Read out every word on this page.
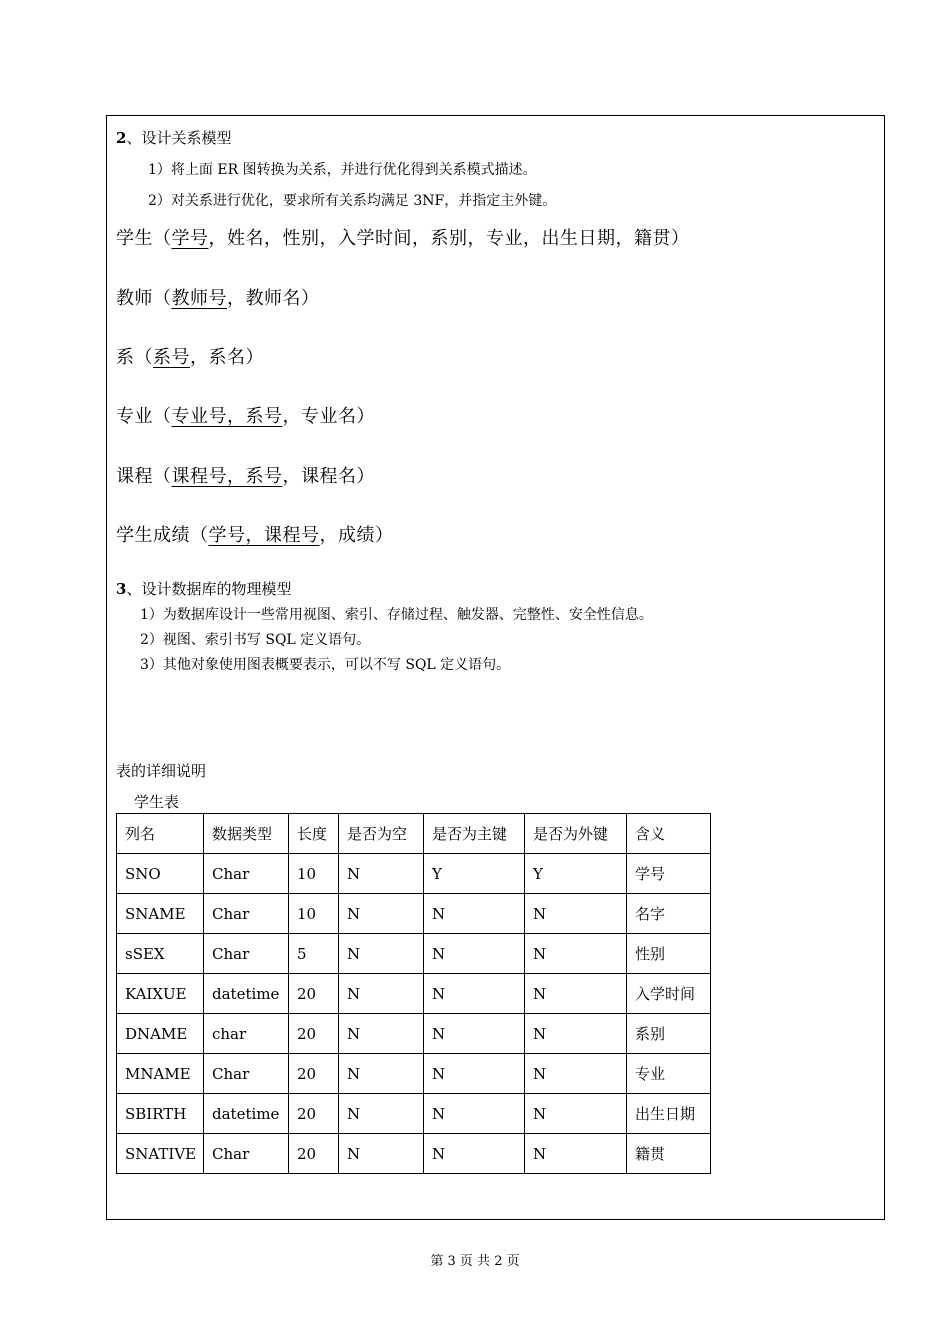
2、设计关系模型
1）将上面 ER 图转换为关系，并进行优化得到关系模式描述。
2）对关系进行优化，要求所有关系均满足 3NF，并指定主外键。
学生（学号，姓名，性别，入学时间，系别，专业，出生日期，籍贯）
教师（教师号，教师名）
系（系号，系名）
专业（专业号，系号，专业名）
课程（课程号，系号，课程名）
学生成绩（学号，课程号，成绩）
3、设计数据库的物理模型
1）为数据库设计一些常用视图、索引、存储过程、触发器、完整性、安全性信息。
2）视图、索引书写 SQL 定义语句。
3）其他对象使用图表概要表示，可以不写 SQL 定义语句。
表的详细说明
学生表
列名	数据类型	长度	是否为空	是否为主键	是否为外键	含义
SNO	Char	10	N	Y	Y	学号
SNAME	Char	10	N	N	N	名字
sSEX	Char	5	N	N	N	性别
KAIXUE	datetime	20	N	N	N	入学时间
DNAME	char	20	N	N	N	系别
MNAME	Char	20	N	N	N	专业
SBIRTH	datetime	20	N	N	N	出生日期
SNATIVE	Char	20	N	N	N	籍贯
第 3 页 共 2 页
